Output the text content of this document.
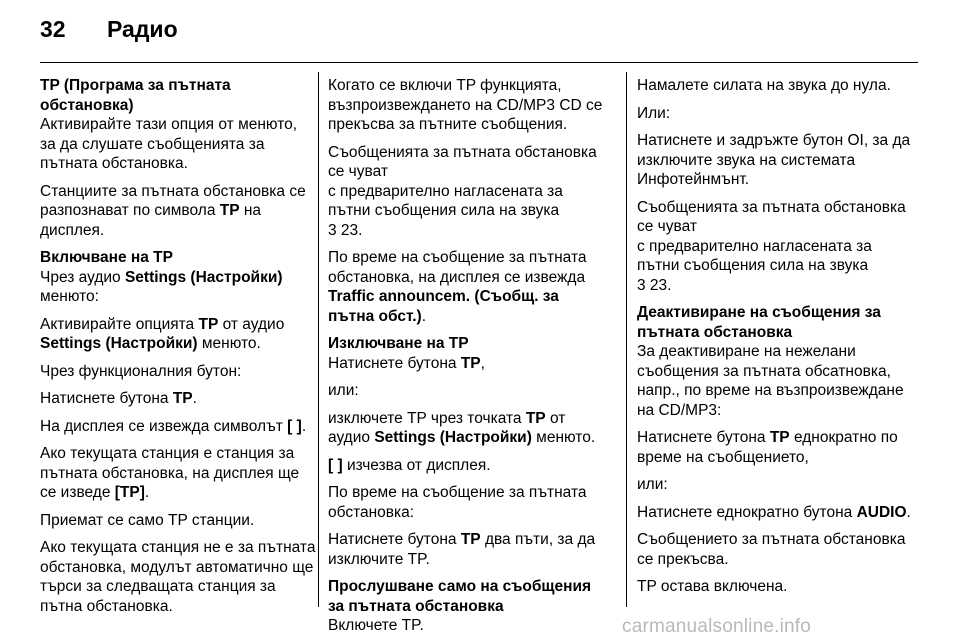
32 Радио

TP (Програма за пътната обстановка)

Активирайте тази опция от менюто, за да слушате съобщенията за пътната обстановка.

Станциите за пътната обстановка се разпознават по символа TP на дисплея.

Включване на TP

Чрез аудио Settings (Настройки) менюто:

Активирайте опцията TP от аудио Settings (Настройки) менюто.

Чрез функционалния бутон:

Натиснете бутона TP.

На дисплея се извежда символът [ ].

Ако текущата станция е станция за пътната обстановка, на дисплея ще се изведе [TP].

Приемат се само TP станции.

Ако текущата станция не е за пътната обстановка, модулът автоматично ще търси за следващата станция за пътна обстановка.

Когато се включи TP функцията, възпроизвеждането на CD/MP3 CD се прекъсва за пътните съобщения.

Съобщенията за пътната обстановка се чуват
с предварително нагласената за пътни съобщения сила на звука
3 23.

По време на съобщение за пътната обстановка, на дисплея се извежда Traffic announcem. (Съобщ. за пътна обст.).

Изключване на TP

Натиснете бутона TP,

или:

изключете TP чрез точката TP от аудио Settings (Настройки) менюто.

[ ] изчезва от дисплея.

По време на съобщение за пътната обстановка:

Натиснете бутона TP два пъти, за да изключите TP.

Прослушване само на съобщения за пътната обстановка

Включете TP.

Намалете силата на звука до нула.

Или:

Натиснете и задръжте бутон ОІ, за да изключите звука на системата Инфотейнмънт.

Съобщенията за пътната обстановка се чуват
с предварително нагласената за пътни съобщения сила на звука
3 23.

Деактивиране на съобщения за пътната обстановка

За деактивиране на нежелани съобщения за пътната обсатновка, напр., по време на възпроизвеждане на CD/MP3:

Натиснете бутона TP еднократно по време на съобщението,

или:

Натиснете еднократно бутона AUDIO.

Съобщението за пътната обстановка се прекъсва.

TP остава включена.

carmanualsonline.info
